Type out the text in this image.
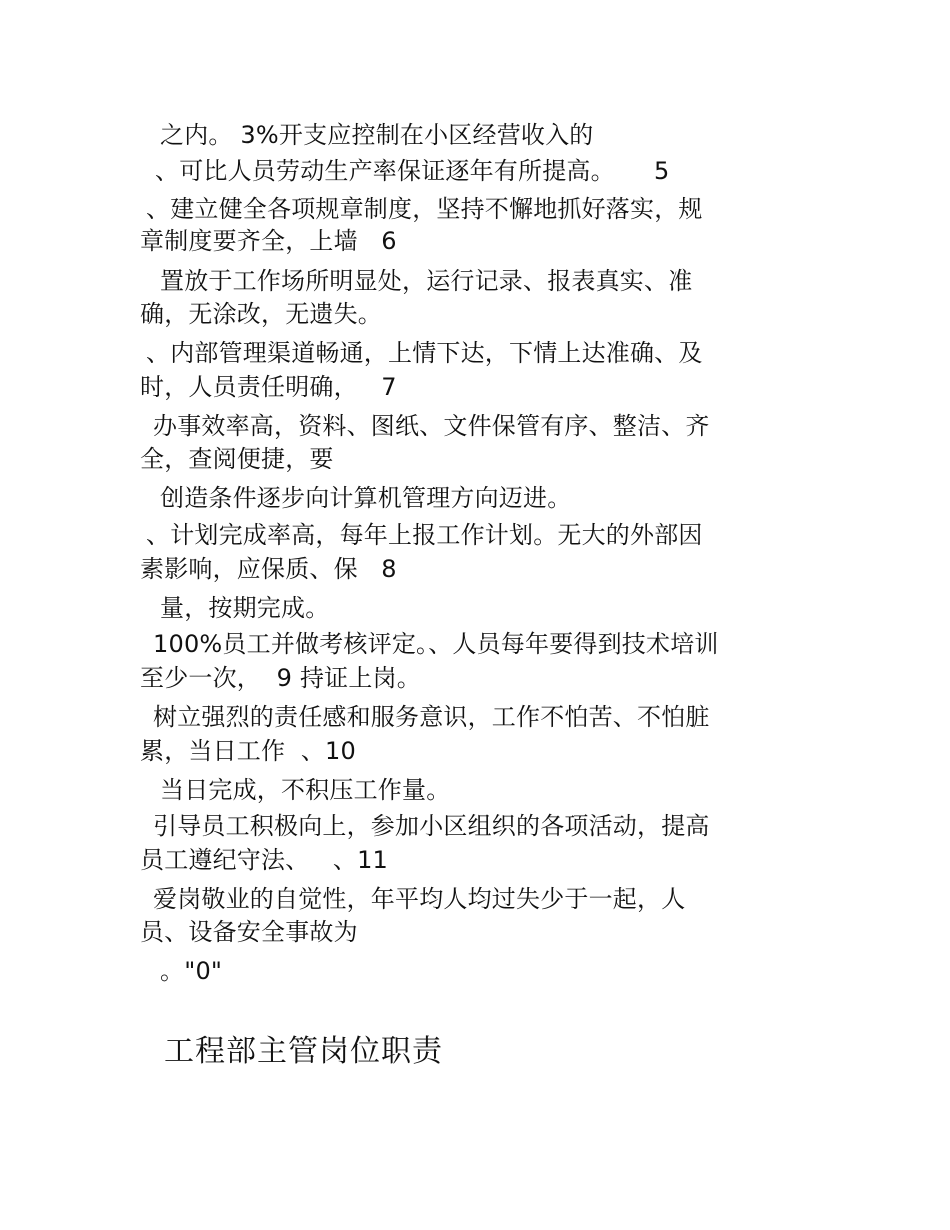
之内。 3%开支应控制在小区经营收入的
、可比人员劳动生产率保证逐年有所提高。     5
、建立健全各项规章制度，坚持不懈地抓好落实，规
章制度要齐全，上墙   6
置放于工作场所明显处，运行记录、报表真实、准
确，无涂改，无遗失。
、内部管理渠道畅通，上情下达，下情上达准确、及
时，人员责任明确，   7
办事效率高，资料、图纸、文件保管有序、整洁、齐
全，查阅便捷，要
创造条件逐步向计算机管理方向迈进。
、计划完成率高，每年上报工作计划。无大的外部因
素影响，应保质、保   8
量，按期完成。
100%员工并做考核评定。、人员每年要得到技术培训
至少一次，  9 持证上岗。
树立强烈的责任感和服务意识，工作不怕苦、不怕脏
累，当日工作  、10
当日完成，不积压工作量。
引导员工积极向上，参加小区组织的各项活动，提高
员工遵纪守法、   、11
爱岗敬业的自觉性，年平均人均过失少于一起，人
员、设备安全事故为
。"0"
工程部主管岗位职责
